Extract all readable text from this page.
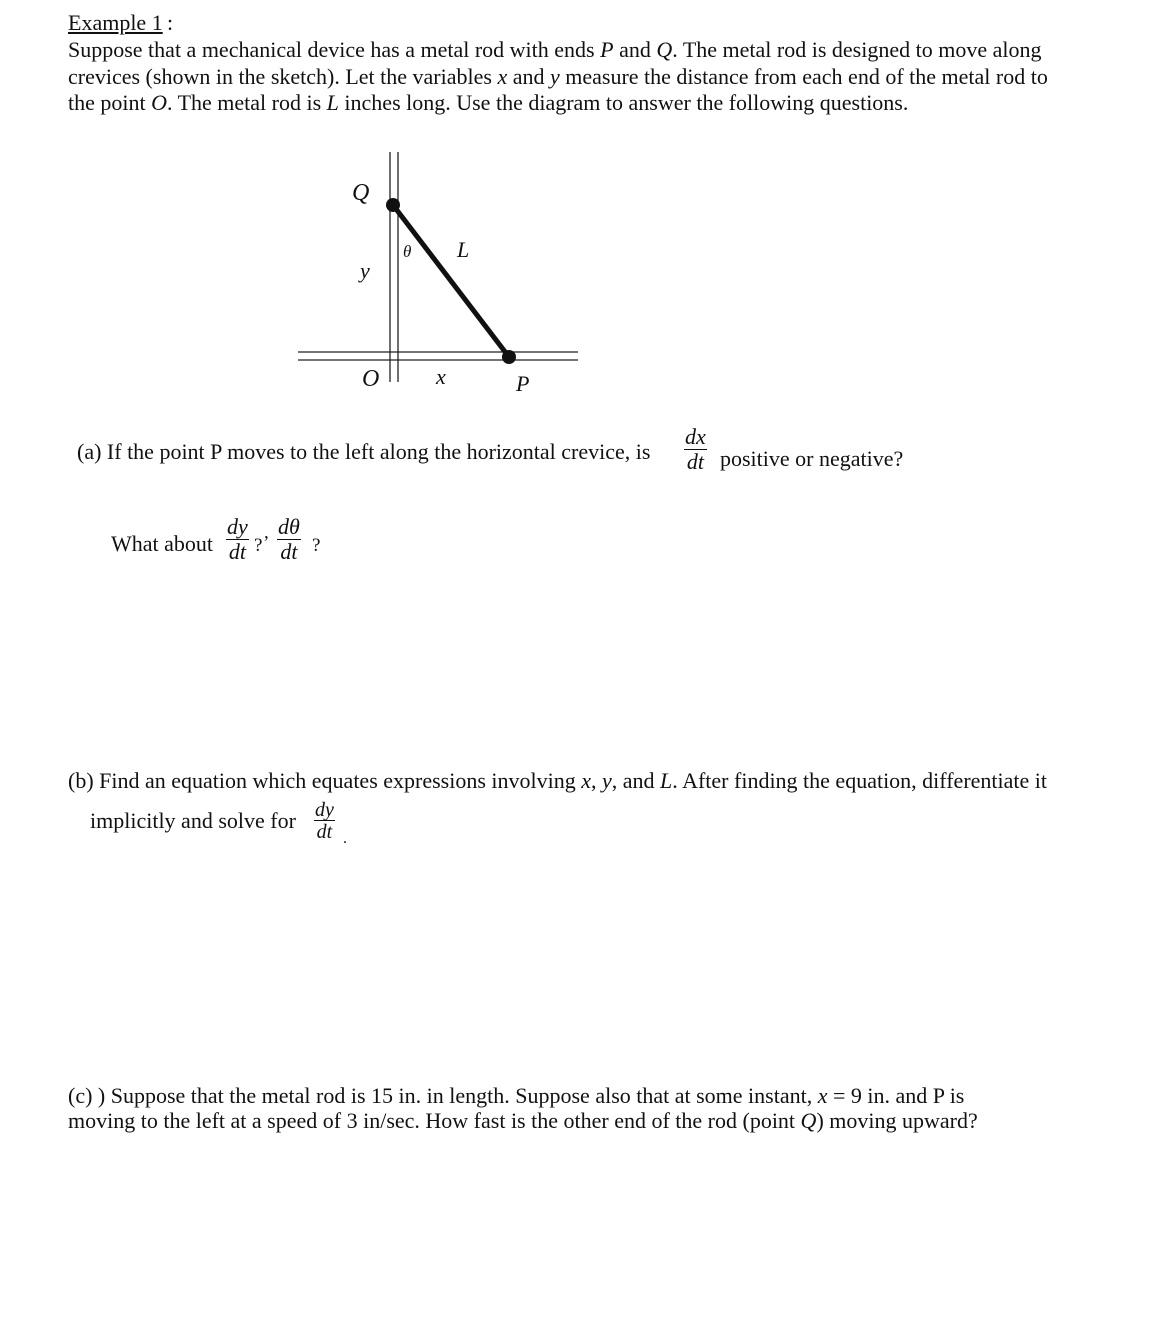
Example 1 :

Suppose that a mechanical device has a metal rod with ends P and Q. The metal rod is designed to move along

crevices (shown in the sketch). Let the variables x and y measure the distance from each end of the metal rod to

the point O. The metal rod is L inches long. Use the diagram to answer the following questions.

Q
y
θ L
O	x	P
(a) If the point P moves to the left along the horizontal crevice, is $\frac{dx}{dt}$ positive or negative?
What about $\frac{dy}{dt}$ ?
, $\frac{d\theta}{dt}$ ?
(b) Find an equation which equates expressions involving x, y, and L. After finding the equation, differentiate it
implicitly and solve for $\frac{dy}{dt}$ .
(c) ) Suppose that the metal rod is 15 in. in length. Suppose also that at some instant, x = 9 in. and P is
moving to the left at a speed of 3 in/sec. How fast is the other end of the rod (point Q) moving upward?
